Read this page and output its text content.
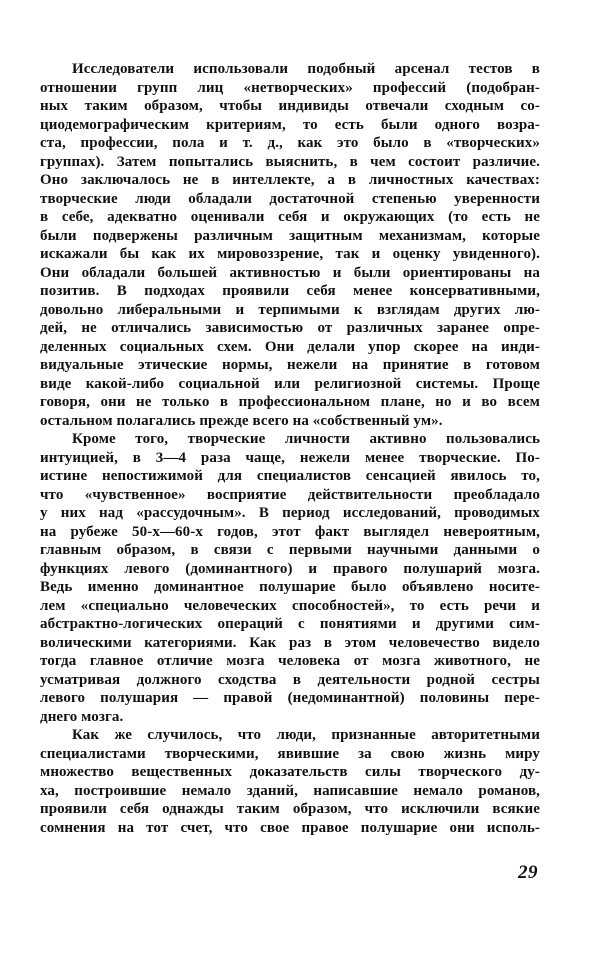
Исследователи использовали подобный арсенал тестов в
отношении групп лиц «нетворческих» профессий (подобран-
ных таким образом, чтобы индивиды отвечали сходным со-
циодемографическим критериям, то есть были одного возра-
ста, профессии, пола и т. д., как это было в «творческих»
группах). Затем попытались выяснить, в чем состоит различие.
Оно заключалось не в интеллекте, а в личностных качествах:
творческие люди обладали достаточной степенью уверенности
в себе, адекватно оценивали себя и окружающих (то есть не
были подвержены различным защитным механизмам, которые
искажали бы как их мировоззрение, так и оценку увиденного).
Они обладали большей активностью и были ориентированы на
позитив. В подходах проявили себя менее консервативными,
довольно либеральными и терпимыми к взглядам других лю-
дей, не отличались зависимостью от различных заранее опре-
деленных социальных схем. Они делали упор скорее на инди-
видуальные этические нормы, нежели на принятие в готовом
виде какой-либо социальной или религиозной системы. Проще
говоря, они не только в профессиональном плане, но и во всем
остальном полагались прежде всего на «собственный ум».
Кроме того, творческие личности активно пользовались
интуицией, в 3—4 раза чаще, нежели менее творческие. По-
истине непостижимой для специалистов сенсацией явилось то,
что «чувственное» восприятие действительности преобладало
у них над «рассудочным». В период исследований, проводимых
на рубеже 50-х—60-х годов, этот факт выглядел невероятным,
главным образом, в связи с первыми научными данными о
функциях левого (доминантного) и правого полушарий мозга.
Ведь именно доминантное полушарие было объявлено носите-
лем «специально человеческих способностей», то есть речи и
абстрактно-логических операций с понятиями и другими сим-
волическими категориями. Как раз в этом человечество видело
тогда главное отличие мозга человека от мозга животного, не
усматривая должного сходства в деятельности родной сестры
левого полушария — правой (недоминантной) половины пере-
днего мозга.
Как же случилось, что люди, признанные авторитетными
специалистами творческими, явившие за свою жизнь миру
множество вещественных доказательств силы творческого ду-
ха, построившие немало зданий, написавшие немало романов,
проявили себя однажды таким образом, что исключили всякие
сомнения на тот счет, что свое правое полушарие они исполь-
29
